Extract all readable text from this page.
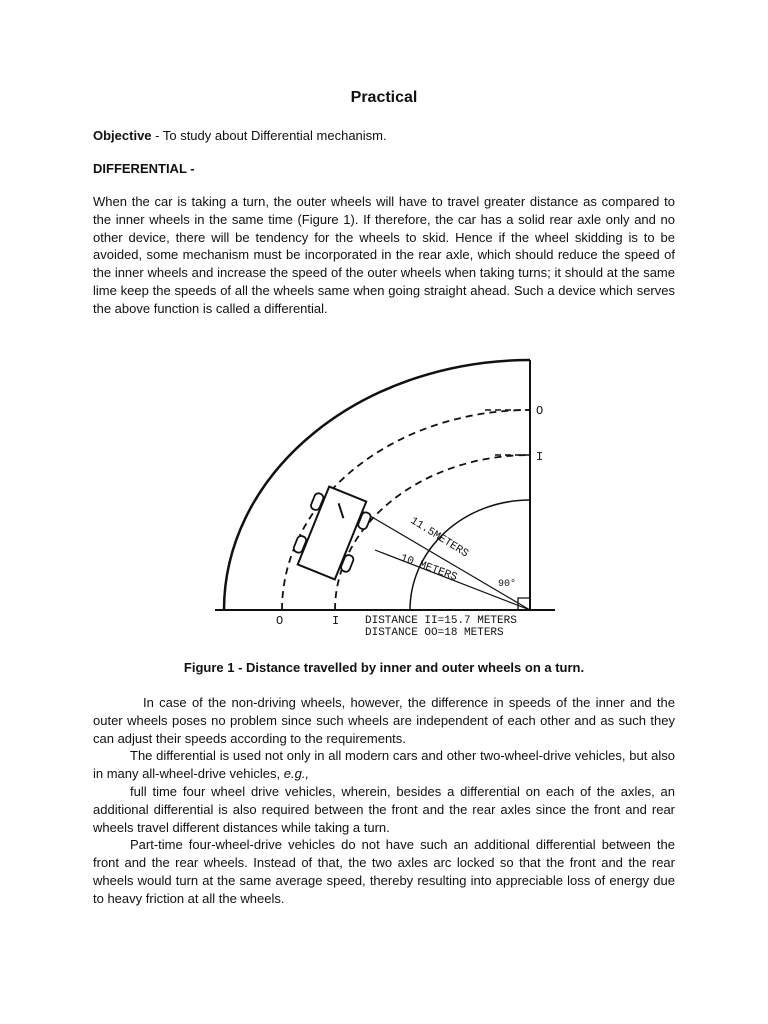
Practical
Objective - To study about Differential mechanism.
DIFFERENTIAL -
When the car is taking a turn, the outer wheels will have to travel greater distance as compared to the inner wheels in the same time (Figure 1). If therefore, the car has a solid rear axle only and no other device, there will be tendency for the wheels to skid. Hence if the wheel skidding is to be avoided, some mechanism must be incorporated in the rear axle, which should reduce the speed of the inner wheels and increase the speed of the outer wheels when taking turns; it should at the same lime keep the speeds of all the wheels same when going straight ahead. Such a device which serves the above function is called a differential.
O
I
O	I
11.5METERS
10 METERS
90°
DISTANCE II=15.7 METERS
DISTANCE OO=18 METERS
Figure 1 - Distance travelled by inner and outer wheels on a turn.
In case of the non-driving wheels, however, the difference in speeds of the inner and the outer wheels poses no problem since such wheels are independent of each other and as such they can adjust their speeds according to the requirements.
The differential is used not only in all modern cars and other two-wheel-drive vehicles, but also in many all-wheel-drive vehicles, e.g.,
full time four wheel drive vehicles, wherein, besides a differential on each of the axles, an additional differential is also required between the front and the rear axles since the front and rear wheels travel different distances while taking a turn.
Part-time four-wheel-drive vehicles do not have such an additional differential between the front and the rear wheels. Instead of that, the two axles arc locked so that the front and the rear wheels would turn at the same average speed, thereby resulting into appreciable loss of energy due to heavy friction at all the wheels.
